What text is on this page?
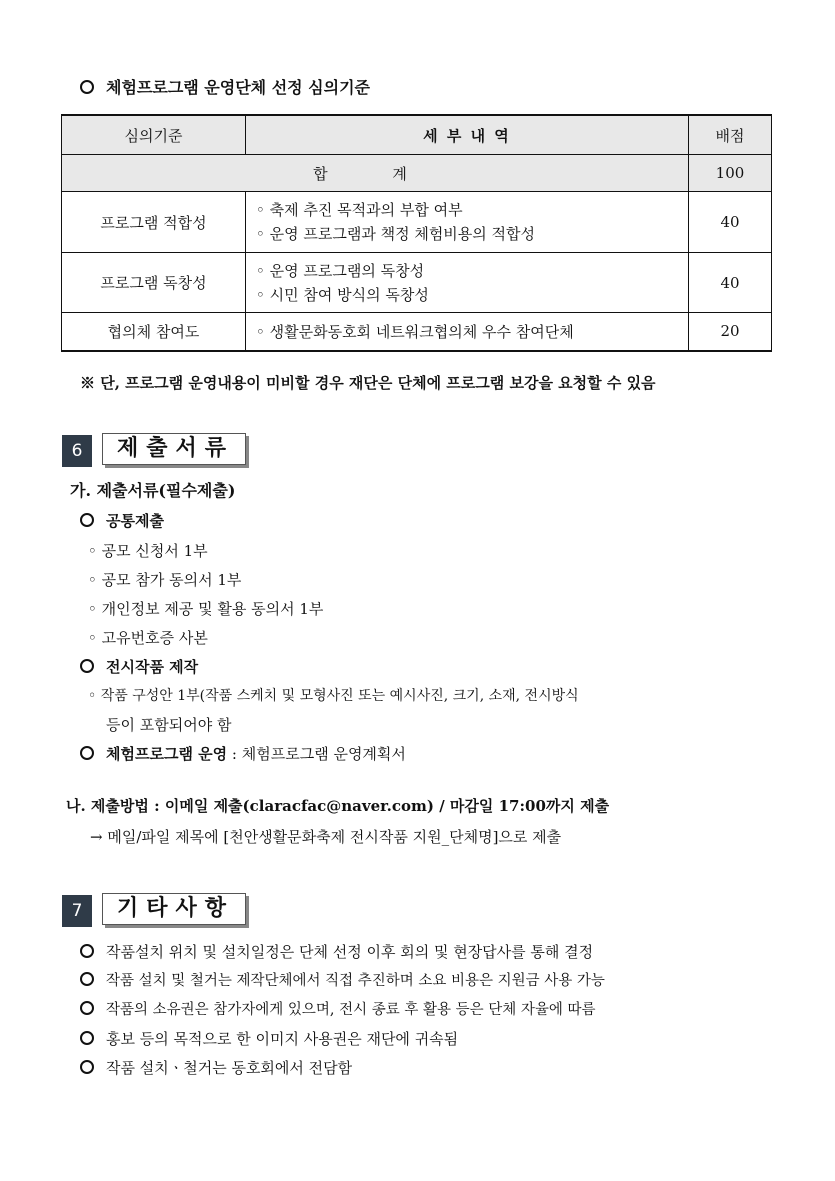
체험프로그램 운영단체 선정 심의기준
심의기준	세 부 내 역	배점
합 계		100
프로그램 적합성	◦ 축제 추진 목적과의 부합 여부
◦ 운영 프로그램과 책정 체험비용의 적합성	40
프로그램 독창성	◦ 운영 프로그램의 독창성
◦ 시민 참여 방식의 독창성	40
협의체 참여도	◦ 생활문화동호회 네트워크협의체 우수 참여단체	20
※ 단, 프로그램 운영내용이 미비할 경우 재단은 단체에 프로그램 보강을 요청할 수 있음
6	제출서류
가. 제출서류(필수제출)
공통제출
◦ 공모 신청서 1부
◦ 공모 참가 동의서 1부
◦ 개인정보 제공 및 활용 동의서 1부
◦ 고유번호증 사본
전시작품 제작
◦ 작품 구성안 1부(작품 스케치 및 모형사진 또는 예시사진, 크기, 소재, 전시방식
등이 포함되어야 함
체험프로그램 운영 : 체험프로그램 운영계획서
나. 제출방법 : 이메일 제출(claracfac@naver.com) / 마감일 17:00까지 제출
→ 메일/파일 제목에 [천안생활문화축제 전시작품 지원_단체명]으로 제출
7	기타사항
작품설치 위치 및 설치일정은 단체 선정 이후 회의 및 현장답사를 통해 결정
작품 설치 및 철거는 제작단체에서 직접 추진하며 소요 비용은 지원금 사용 가능
작품의 소유권은 참가자에게 있으며, 전시 종료 후 활용 등은 단체 자율에 따름
홍보 등의 목적으로 한 이미지 사용권은 재단에 귀속됨
작품 설치ㆍ철거는 동호회에서 전담함
